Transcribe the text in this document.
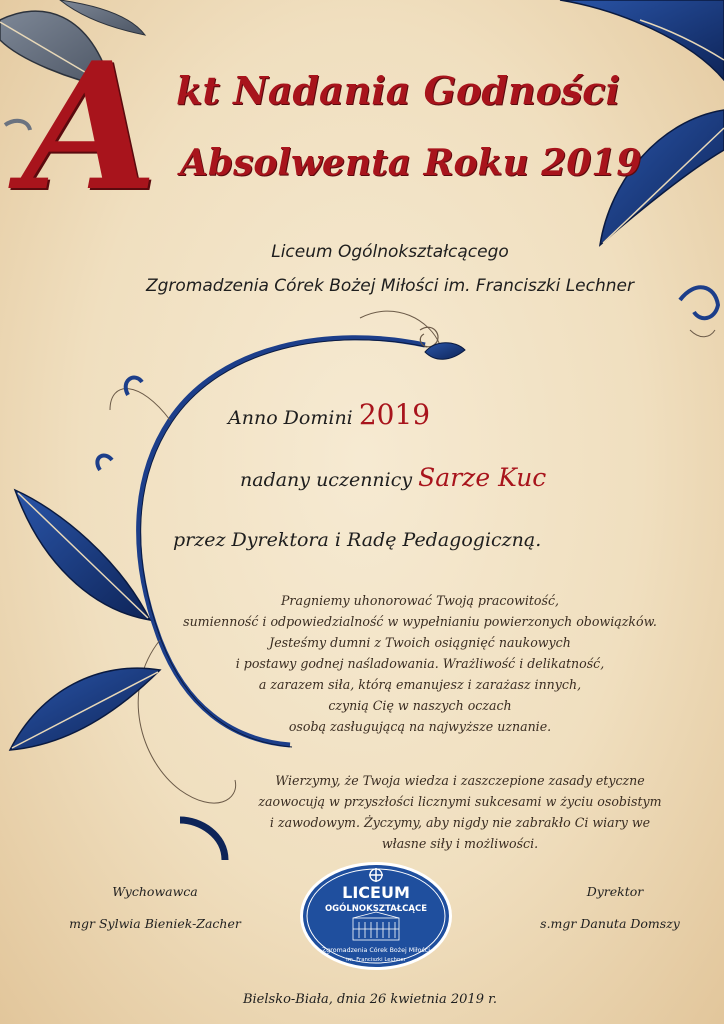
A kt Nadania Godności
Absolwenta Roku 2019
Liceum Ogólnokształcącego
Zgromadzenia Córek Bożej Miłości im. Franciszki Lechner
Anno Domini 2019
nadany uczennicy Sarze Kuc
przez Dyrektora i Radę Pedagogiczną.
Pragniemy uhonorować Twoją pracowitość,
sumienność i odpowiedzialność w wypełnianiu powierzonych obowiązków.
Jesteśmy dumni z Twoich osiągnięć naukowych
i postawy godnej naśladowania. Wrażliwość i delikatność,
a zarazem siła, którą emanujesz i zarażasz innych,
czynią Cię w naszych oczach
osobą zasługującą na najwyższe uznanie.
Wierzymy, że Twoja wiedza i zaszczepione zasady etyczne
zaowocują w przyszłości licznymi sukcesami w życiu osobistym
i zawodowym. Życzymy, aby nigdy nie zabrakło Ci wiary we
własne siły i możliwości.
Wychowawca
mgr Sylwia Bieniek-Zacher
Dyrektor
s.mgr Danuta Domszy
LICEUM
OGÓLNOKSZTAŁCĄCE
Zgromadzenia Córek Bożej Miłości
im. Franciszki Lechner
Bielsko-Biała, dnia 26 kwietnia 2019 r.
